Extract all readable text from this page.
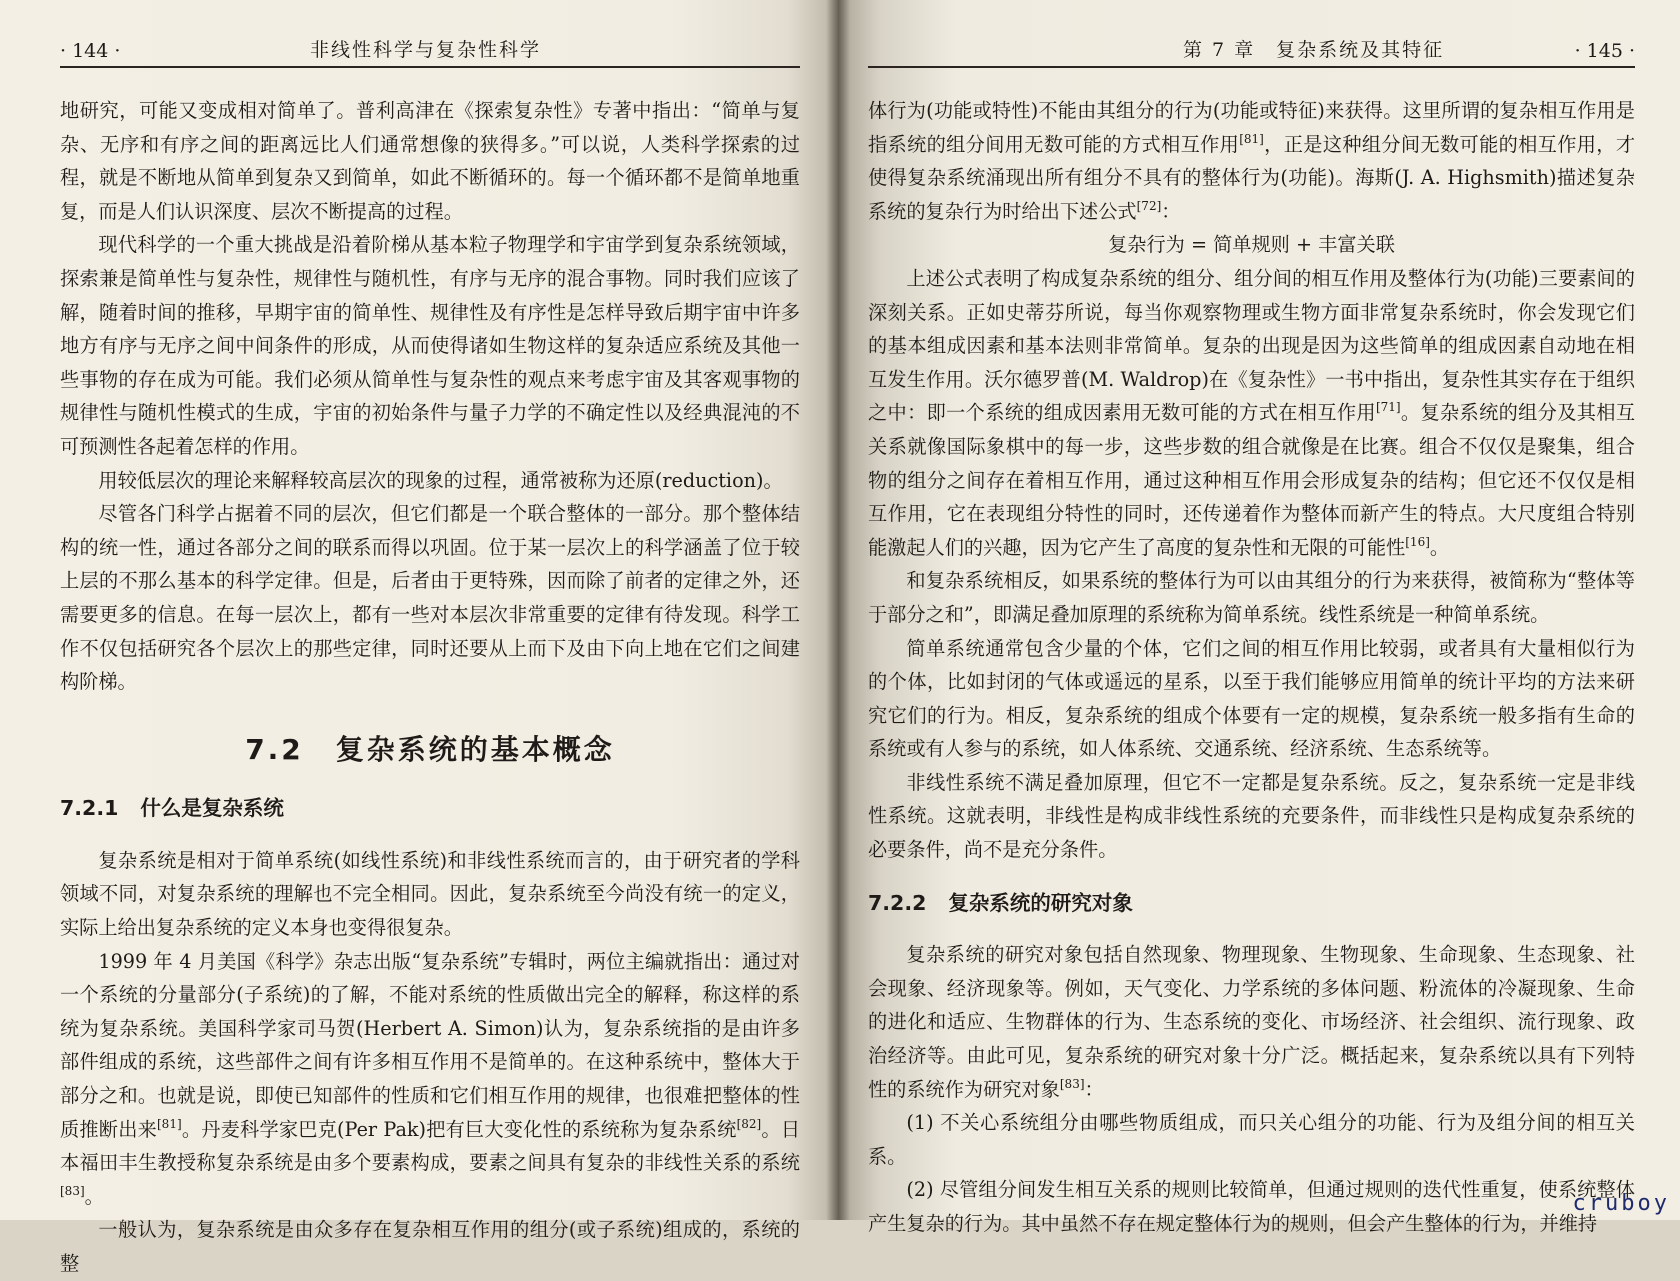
· 144 ·	非线性科学与复杂性科学

地研究，可能又变成相对简单了。普利高津在《探索复杂性》专著中指出：“简单与复杂、无序和有序之间的距离远比人们通常想像的狭得多。”可以说，人类科学探索的过程，就是不断地从简单到复杂又到简单，如此不断循环的。每一个循环都不是简单地重复，而是人们认识深度、层次不断提高的过程。

现代科学的一个重大挑战是沿着阶梯从基本粒子物理学和宇宙学到复杂系统领域，探索兼是简单性与复杂性，规律性与随机性，有序与无序的混合事物。同时我们应该了解，随着时间的推移，早期宇宙的简单性、规律性及有序性是怎样导致后期宇宙中许多地方有序与无序之间中间条件的形成，从而使得诸如生物这样的复杂适应系统及其他一些事物的存在成为可能。我们必须从简单性与复杂性的观点来考虑宇宙及其客观事物的规律性与随机性模式的生成，宇宙的初始条件与量子力学的不确定性以及经典混沌的不可预测性各起着怎样的作用。

用较低层次的理论来解释较高层次的现象的过程，通常被称为还原(reduction)。

尽管各门科学占据着不同的层次，但它们都是一个联合整体的一部分。那个整体结构的统一性，通过各部分之间的联系而得以巩固。位于某一层次上的科学涵盖了位于较上层的不那么基本的科学定律。但是，后者由于更特殊，因而除了前者的定律之外，还需要更多的信息。在每一层次上，都有一些对本层次非常重要的定律有待发现。科学工作不仅包括研究各个层次上的那些定律，同时还要从上而下及由下向上地在它们之间建构阶梯。

7.2 复杂系统的基本概念
7.2.1 什么是复杂系统

复杂系统是相对于简单系统(如线性系统)和非线性系统而言的，由于研究者的学科领域不同，对复杂系统的理解也不完全相同。因此，复杂系统至今尚没有统一的定义，实际上给出复杂系统的定义本身也变得很复杂。

1999 年 4 月美国《科学》杂志出版“复杂系统”专辑时，两位主编就指出：通过对一个系统的分量部分(子系统)的了解，不能对系统的性质做出完全的解释，称这样的系统为复杂系统。美国科学家司马贺(Herbert A. Simon)认为，复杂系统指的是由许多部件组成的系统，这些部件之间有许多相互作用不是简单的。在这种系统中，整体大于部分之和。也就是说，即使已知部件的性质和它们相互作用的规律，也很难把整体的性质推断出来[81]。丹麦科学家巴克(Per Pak)把有巨大变化性的系统称为复杂系统[82]。日本福田丰生教授称复杂系统是由多个要素构成，要素之间具有复杂的非线性关系的系统[83]。

一般认为，复杂系统是由众多存在复杂相互作用的组分(或子系统)组成的，系统的整

第 7 章　复杂系统及其特征	· 145 ·

体行为(功能或特性)不能由其组分的行为(功能或特征)来获得。这里所谓的复杂相互作用是指系统的组分间用无数可能的方式相互作用[81]，正是这种组分间无数可能的相互作用，才使得复杂系统涌现出所有组分不具有的整体行为(功能)。海斯(J. A. Highsmith)描述复杂系统的复杂行为时给出下述公式[72]：

复杂行为 = 简单规则 + 丰富关联

上述公式表明了构成复杂系统的组分、组分间的相互作用及整体行为(功能)三要素间的深刻关系。正如史蒂芬所说，每当你观察物理或生物方面非常复杂系统时，你会发现它们的基本组成因素和基本法则非常简单。复杂的出现是因为这些简单的组成因素自动地在相互发生作用。沃尔德罗普(M. Waldrop)在《复杂性》一书中指出，复杂性其实存在于组织之中：即一个系统的组成因素用无数可能的方式在相互作用[71]。复杂系统的组分及其相互关系就像国际象棋中的每一步，这些步数的组合就像是在比赛。组合不仅仅是聚集，组合物的组分之间存在着相互作用，通过这种相互作用会形成复杂的结构；但它还不仅仅是相互作用，它在表现组分特性的同时，还传递着作为整体而新产生的特点。大尺度组合特别能激起人们的兴趣，因为它产生了高度的复杂性和无限的可能性[16]。

和复杂系统相反，如果系统的整体行为可以由其组分的行为来获得，被简称为“整体等于部分之和”，即满足叠加原理的系统称为简单系统。线性系统是一种简单系统。

简单系统通常包含少量的个体，它们之间的相互作用比较弱，或者具有大量相似行为的个体，比如封闭的气体或遥远的星系，以至于我们能够应用简单的统计平均的方法来研究它们的行为。相反，复杂系统的组成个体要有一定的规模，复杂系统一般多指有生命的系统或有人参与的系统，如人体系统、交通系统、经济系统、生态系统等。

非线性系统不满足叠加原理，但它不一定都是复杂系统。反之，复杂系统一定是非线性系统。这就表明，非线性是构成非线性系统的充要条件，而非线性只是构成复杂系统的必要条件，尚不是充分条件。

7.2.2 复杂系统的研究对象

复杂系统的研究对象包括自然现象、物理现象、生物现象、生命现象、生态现象、社会现象、经济现象等。例如，天气变化、力学系统的多体问题、粉流体的冷凝现象、生命的进化和适应、生物群体的行为、生态系统的变化、市场经济、社会组织、流行现象、政治经济等。由此可见，复杂系统的研究对象十分广泛。概括起来，复杂系统以具有下列特性的系统作为研究对象[83]：

(1) 不关心系统组分由哪些物质组成，而只关心组分的功能、行为及组分间的相互关系。

(2) 尽管组分间发生相互关系的规则比较简单，但通过规则的迭代性重复，使系统整体产生复杂的行为。其中虽然不存在规定整体行为的规则，但会产生整体的行为，并维持

cruboy
